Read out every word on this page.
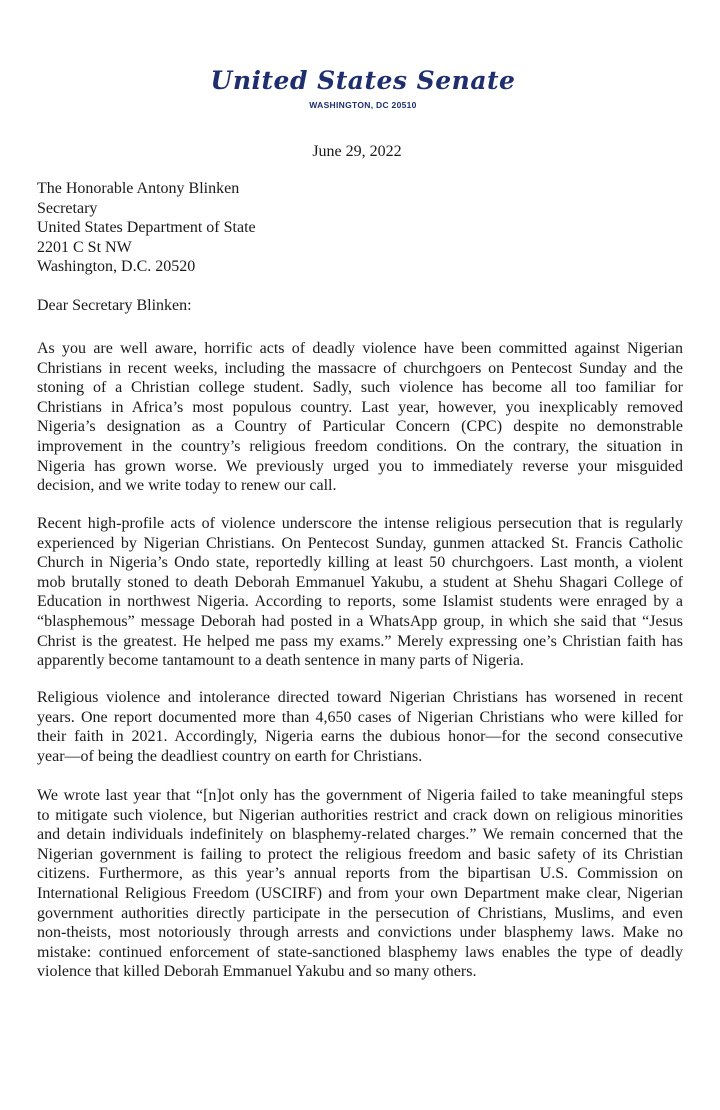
United States Senate
WASHINGTON, DC 20510
June 29, 2022
The Honorable Antony Blinken
Secretary
United States Department of State
2201 C St NW
Washington, D.C. 20520
Dear Secretary Blinken:
As you are well aware, horrific acts of deadly violence have been committed against Nigerian
Christians in recent weeks, including the massacre of churchgoers on Pentecost Sunday and the
stoning of a Christian college student. Sadly, such violence has become all too familiar for
Christians in Africa’s most populous country. Last year, however, you inexplicably removed
Nigeria’s designation as a Country of Particular Concern (CPC) despite no demonstrable
improvement in the country’s religious freedom conditions. On the contrary, the situation in
Nigeria has grown worse. We previously urged you to immediately reverse your misguided
decision, and we write today to renew our call.
Recent high-profile acts of violence underscore the intense religious persecution that is regularly
experienced by Nigerian Christians. On Pentecost Sunday, gunmen attacked St. Francis Catholic
Church in Nigeria’s Ondo state, reportedly killing at least 50 churchgoers. Last month, a violent
mob brutally stoned to death Deborah Emmanuel Yakubu, a student at Shehu Shagari College of
Education in northwest Nigeria. According to reports, some Islamist students were enraged by a
“blasphemous” message Deborah had posted in a WhatsApp group, in which she said that “Jesus
Christ is the greatest. He helped me pass my exams.” Merely expressing one’s Christian faith has
apparently become tantamount to a death sentence in many parts of Nigeria.
Religious violence and intolerance directed toward Nigerian Christians has worsened in recent
years. One report documented more than 4,650 cases of Nigerian Christians who were killed for
their faith in 2021. Accordingly, Nigeria earns the dubious honor—for the second consecutive
year—of being the deadliest country on earth for Christians.
We wrote last year that “[n]ot only has the government of Nigeria failed to take meaningful steps
to mitigate such violence, but Nigerian authorities restrict and crack down on religious minorities
and detain individuals indefinitely on blasphemy-related charges.” We remain concerned that the
Nigerian government is failing to protect the religious freedom and basic safety of its Christian
citizens. Furthermore, as this year’s annual reports from the bipartisan U.S. Commission on
International Religious Freedom (USCIRF) and from your own Department make clear, Nigerian
government authorities directly participate in the persecution of Christians, Muslims, and even
non-theists, most notoriously through arrests and convictions under blasphemy laws. Make no
mistake: continued enforcement of state-sanctioned blasphemy laws enables the type of deadly
violence that killed Deborah Emmanuel Yakubu and so many others.
